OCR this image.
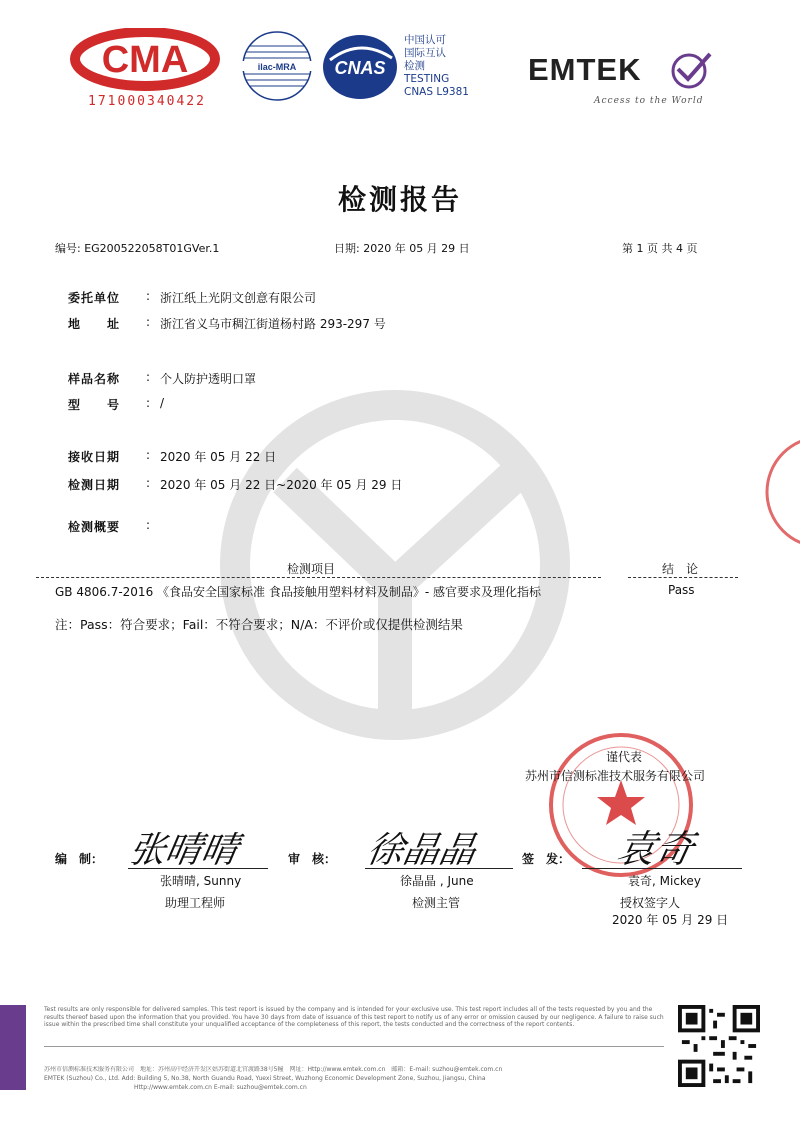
CMA
171000340422
ilac-MRA CNAS
中国认可
国际互认
检测
TESTING
CNAS L9381
EMTEK
Access to the World
检测报告
编号: EG200522058T01GVer.1	日期: 2020 年 05 月 29 日	第 1 页 共 4 页
委托单位 : 浙江纸上光阴文创意有限公司
地　　址 : 浙江省义乌市稠江街道杨村路 293-297 号
样品名称 : 个人防护透明口罩
型　　号 : /
接收日期 : 2020 年 05 月 22 日
检测日期 : 2020 年 05 月 22 日~2020 年 05 月 29 日
检测概要 :
检测项目	结　论
GB 4806.7-2016 《食品安全国家标准 食品接触用塑料材料及制品》- 感官要求及理化指标	Pass
注：Pass：符合要求；Fail：不符合要求；N/A：不评价或仅提供检测结果
谨代表
苏州市信测标准技术服务有限公司
编　制： 张晴晴
张晴晴, Sunny
助理工程师
审　核： 徐晶晶
徐晶晶 , June
检测主管
签　发： 袁奇
袁奇, Mickey
授权签字人
2020 年 05 月 29 日
Test results are only responsible for delivered samples. This test report is issued by the company and is intended for your exclusive use. This test report includes all of the tests requested by you and the results thereof based upon the information that you provided. You have 30 days from date of issuance of this test report to notify us of any error or omission caused by our negligence. A failure to raise such issue within the prescribed time shall constitute your unqualified acceptance of the completeness of this report, the tests conducted and the correctness of the report contents.
苏州市信测标准技术服务有限公司　地址：苏州高中经济开发区姑苏街道北官渡路38号5幢　网址：Http://www.emtek.com.cn　邮箱：E-mail: suzhou@emtek.com.cn
EMTEK (Suzhou) Co., Ltd. Add: Building 5, No.38, North Guandu Road, Yuexi Street, Wuzhong Economic Development Zone, Suzhou, Jiangsu, China
Http://www.emtek.com.cn E-mail: suzhou@emtek.com.cn
